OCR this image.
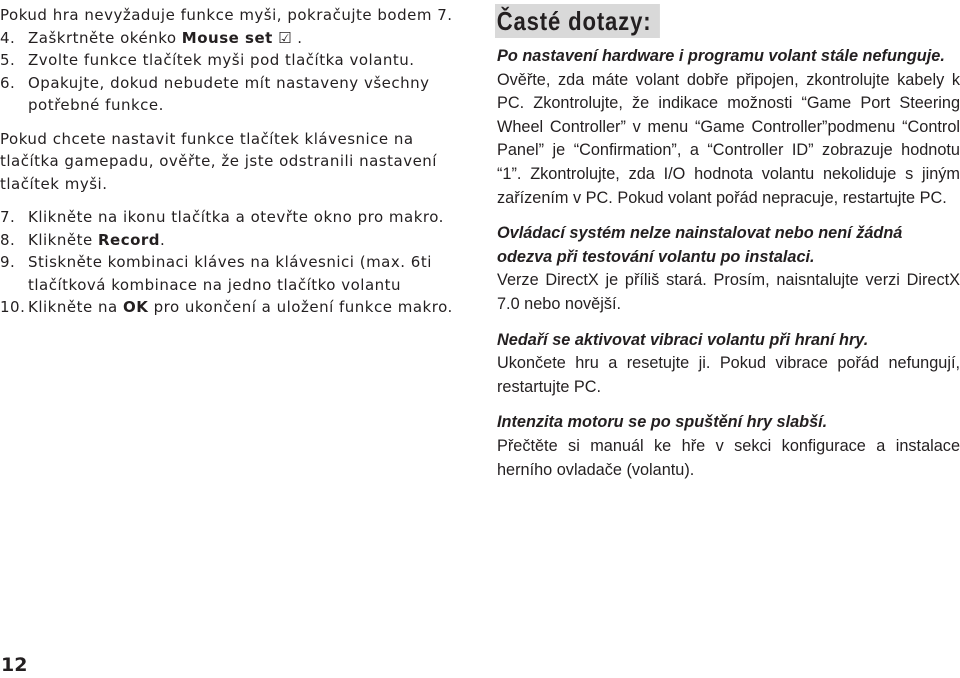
Pokud hra nevyžaduje funkce myši, pokračujte bodem 7.

4. Zaškrtněte okénko Mouse set ☑ .

5. Zvolte funkce tlačítek myši pod tlačítka volantu.

6. Opakujte, dokud nebudete mít nastaveny všechny potřebné funkce.

Pokud chcete nastavit funkce tlačítek klávesnice na tlačítka gamepadu, ověřte, že jste odstranili nastavení tlačítek myši.

7. Klikněte na ikonu tlačítka a otevřte okno pro makro.

8. Klikněte Record.

9. Stiskněte kombinaci kláves na klávesnici (max. 6ti tlačítková kombinace na jedno tlačítko volantu

10. Klikněte na OK pro ukončení a uložení funkce makro.

Časté dotazy:

Po nastavení hardware i programu volant stále nefunguje.

Ověřte, zda máte volant dobře připojen, zkontrolujte kabely k PC. Zkontrolujte, že indikace možnosti “Game Port Steering Wheel Controller” v menu “Game Controller”podmenu “Control Panel” je “Confirmation”, a “Controller ID” zobrazuje hodnotu “1”. Zkontrolujte, zda I/O hodnota volantu nekoliduje s jiným zařízením v PC. Pokud volant pořád nepracuje, restartujte PC.

Ovládací systém nelze nainstalovat nebo není žádná odezva při testování volantu po instalaci.

Verze DirectX je příliš stará. Prosím, naisntalujte verzi DirectX 7.0 nebo novější.

Nedaří se aktivovat vibraci volantu při hraní hry.

Ukončete hru a resetujte ji. Pokud vibrace pořád nefungují, restartujte PC.

Intenzita motoru se po spuštění hry slabší.

Přečtěte si manuál ke hře v sekci konfigurace a instalace herního ovladače (volantu).

12
